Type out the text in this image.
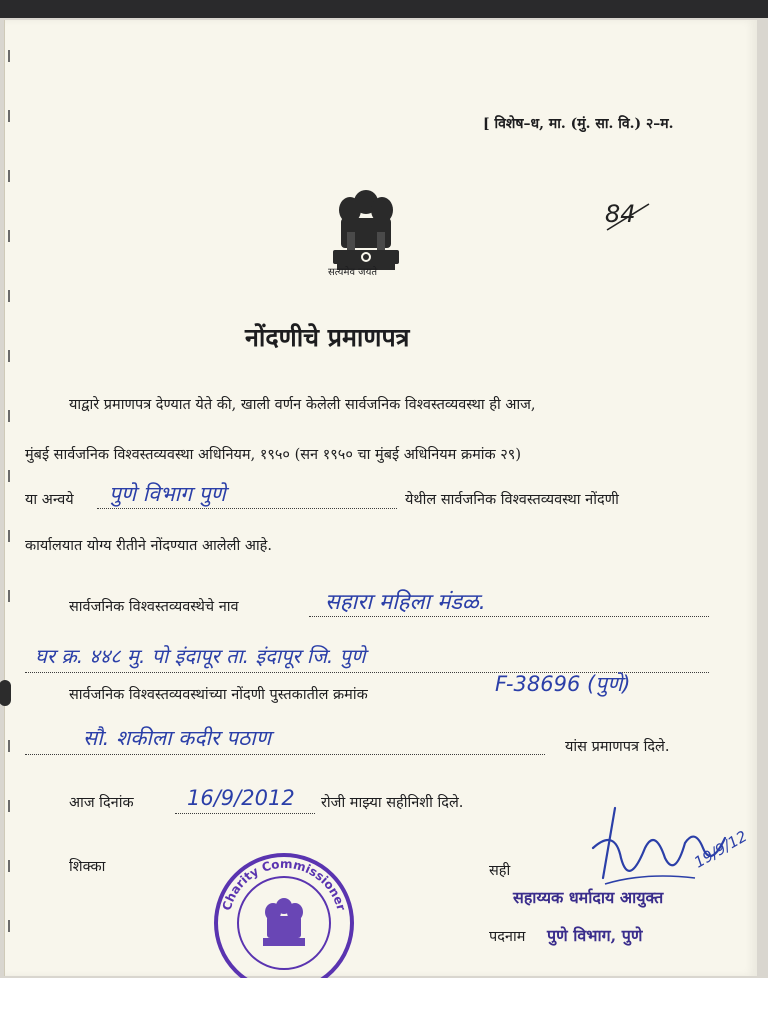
[ विशेष–ध, मा. (मुं. सा. वि.) २–म.
84
सत्यमेव जयते
नोंदणीचे प्रमाणपत्र
याद्वारे प्रमाणपत्र देण्यात येते की, खाली वर्णन केलेली सार्वजनिक विश्वस्तव्यवस्था ही आज,
मुंबई सार्वजनिक विश्वस्तव्यवस्था अधिनियम, १९५० (सन १९५० चा मुंबई अधिनियम क्रमांक २९)
या अन्वये पुणे विभाग पुणे	येथील सार्वजनिक विश्वस्तव्यवस्था नोंदणी
कार्यालयात योग्य रीतीने नोंदण्यात आलेली आहे.
सार्वजनिक विश्वस्तव्यवस्थेचे नाव	सहारा महिला मंडळ.
घर क्र. ४४८ मु. पो इंदापूर ता. इंदापूर जि. पुणे
सार्वजनिक विश्वस्तव्यवस्थांच्या नोंदणी पुस्तकातील क्रमांक	F-38696 (पुणे)
सौ. शकीला कदीर पठाण	यांस प्रमाणपत्र दिले.
आज दिनांक	16/9/2012 रोजी माझ्या सहीनिशी दिले.
शिक्का
Charity Commissioner
सही	19/9/12
सहाय्यक धर्मादाय आयुक्त
पदनाम पुणे विभाग, पुणे
